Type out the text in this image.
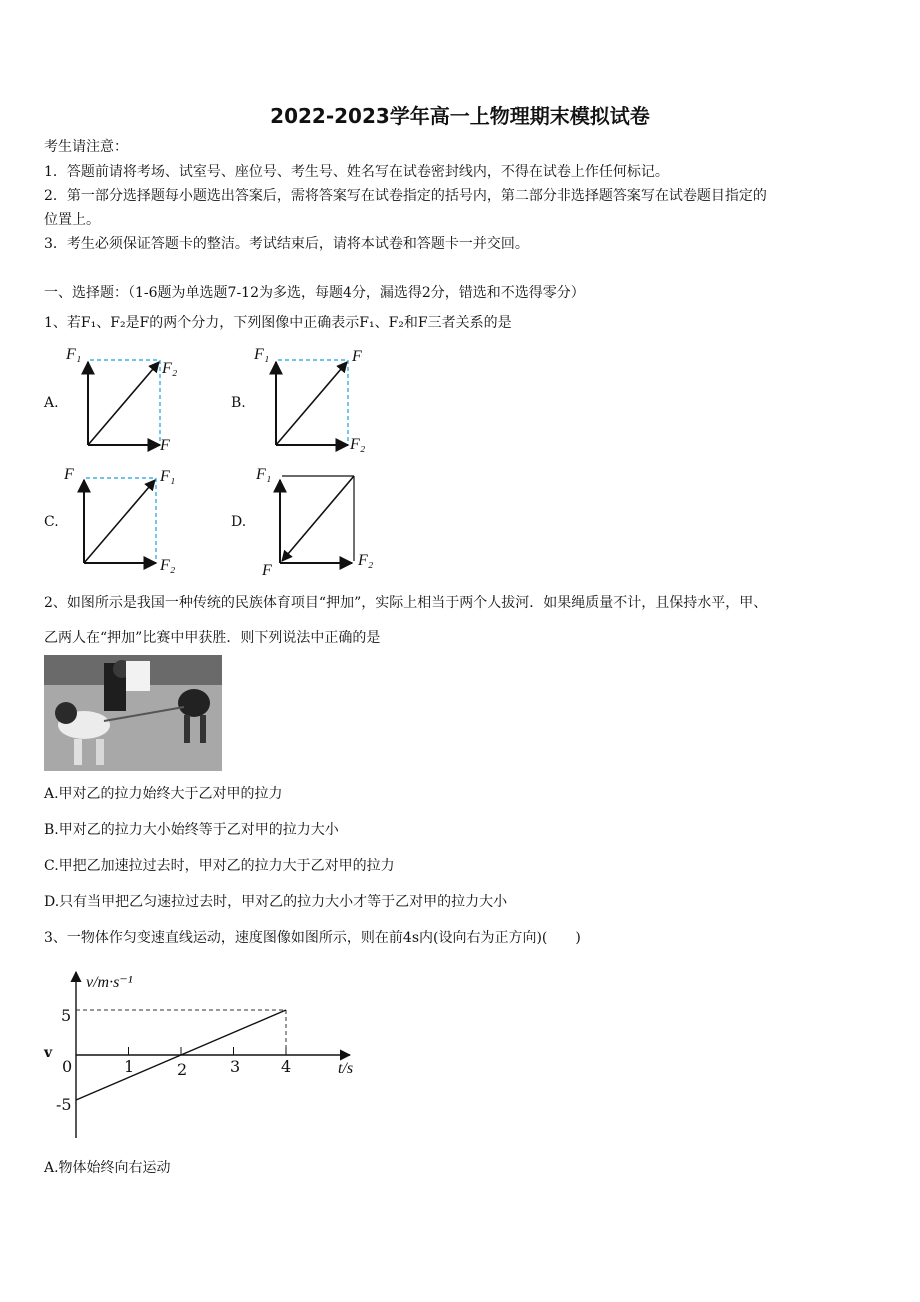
2022-2023学年高一上物理期末模拟试卷
考生请注意：
1．答题前请将考场、试室号、座位号、考生号、姓名写在试卷密封线内，不得在试卷上作任何标记。
2．第一部分选择题每小题选出答案后，需将答案写在试卷指定的括号内，第二部分非选择题答案写在试卷题目指定的
位置上。
3．考生必须保证答题卡的整洁。考试结束后，请将本试卷和答题卡一并交回。
一、选择题：（1-6题为单选题7-12为多选，每题4分，漏选得2分，错选和不选得零分）
1、若F₁、F₂是F的两个分力，下列图像中正确表示F₁、F₂和F三者关系的是
A.
F₁
F₂
F
B.
F₁	F
F₂
C.
F	F₁
F₂
D.
F₁
F₂
F
2、如图所示是我国一种传统的民族体育项目“押加”，实际上相当于两个人拔河．如果绳质量不计，且保持水平，甲、
乙两人在“押加”比赛中甲获胜．则下列说法中正确的是
A.甲对乙的拉力始终大于乙对甲的拉力
B.甲对乙的拉力大小始终等于乙对甲的拉力大小
C.甲把乙加速拉过去时，甲对乙的拉力大于乙对甲的拉力
D.只有当甲把乙匀速拉过去时，甲对乙的拉力大小才等于乙对甲的拉力大小
3、一物体作匀变速直线运动，速度图像如图所示，则在前4s内(设向右为正方向)(　　)
v/m·s⁻¹
t/s
v
0	1	2	3	4
5
-5
A.物体始终向右运动
